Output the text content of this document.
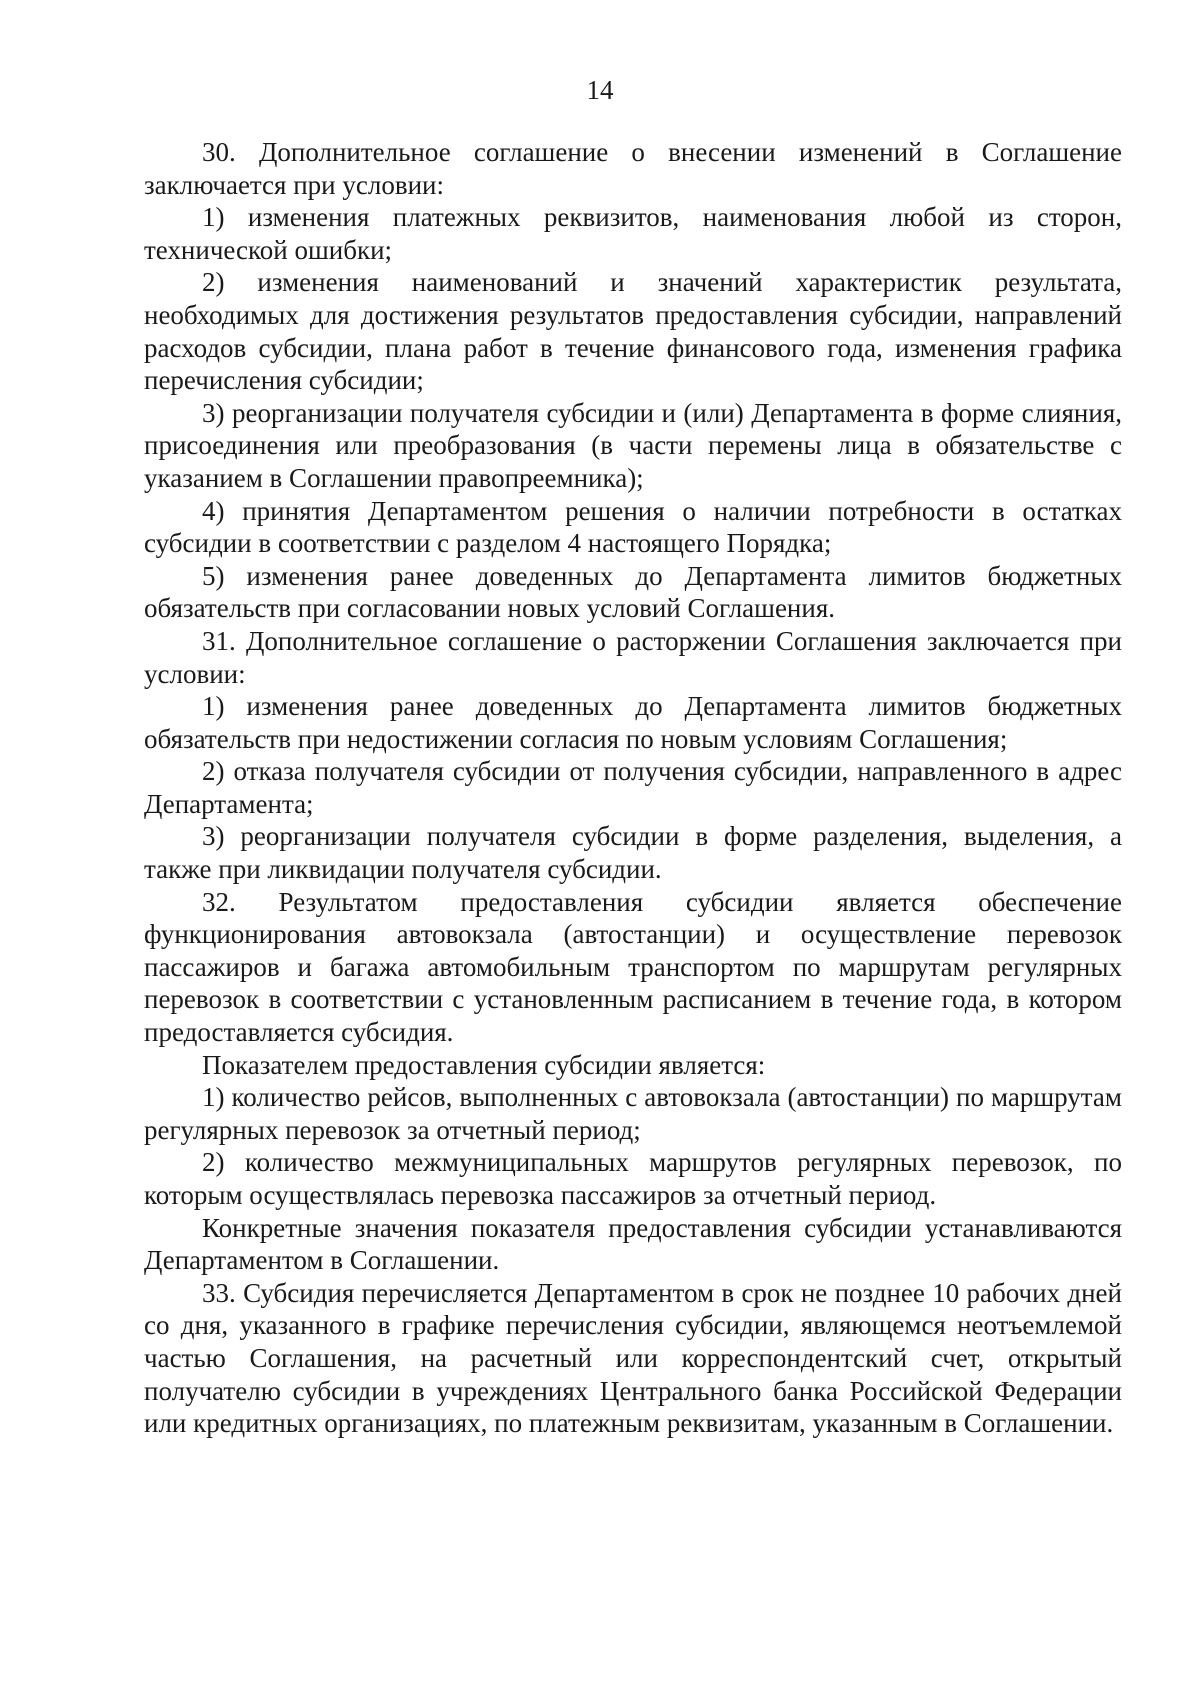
14

30. Дополнительное соглашение о внесении изменений в Соглашение заключается при условии:

1) изменения платежных реквизитов, наименования любой из сторон, технической ошибки;

2) изменения наименований и значений характеристик результата, необходимых для достижения результатов предоставления субсидии, направлений расходов субсидии, плана работ в течение финансового года, изменения графика перечисления субсидии;

3) реорганизации получателя субсидии и (или) Департамента в форме слияния, присоединения или преобразования (в части перемены лица в обязательстве с указанием в Соглашении правопреемника);

4) принятия Департаментом решения о наличии потребности в остатках субсидии в соответствии с разделом 4 настоящего Порядка;

5) изменения ранее доведенных до Департамента лимитов бюджетных обязательств при согласовании новых условий Соглашения.

31. Дополнительное соглашение о расторжении Соглашения заключается при условии:

1) изменения ранее доведенных до Департамента лимитов бюджетных обязательств при недостижении согласия по новым условиям Соглашения;

2) отказа получателя субсидии от получения субсидии, направленного в адрес Департамента;

3) реорганизации получателя субсидии в форме разделения, выделения, а также при ликвидации получателя субсидии.

32. Результатом предоставления субсидии является обеспечение функционирования автовокзала (автостанции) и осуществление перевозок пассажиров и багажа автомобильным транспортом по маршрутам регулярных перевозок в соответствии с установленным расписанием в течение года, в котором предоставляется субсидия.

Показателем предоставления субсидии является:

1) количество рейсов, выполненных с автовокзала (автостанции) по маршрутам регулярных перевозок за отчетный период;

2) количество межмуниципальных маршрутов регулярных перевозок, по которым осуществлялась перевозка пассажиров за отчетный период.

Конкретные значения показателя предоставления субсидии устанавливаются Департаментом в Соглашении.

33. Субсидия перечисляется Департаментом в срок не позднее 10 рабочих дней со дня, указанного в графике перечисления субсидии, являющемся неотъемлемой частью Соглашения, на расчетный или корреспондентский счет, открытый получателю субсидии в учреждениях Центрального банка Российской Федерации или кредитных организациях, по платежным реквизитам, указанным в Соглашении.
